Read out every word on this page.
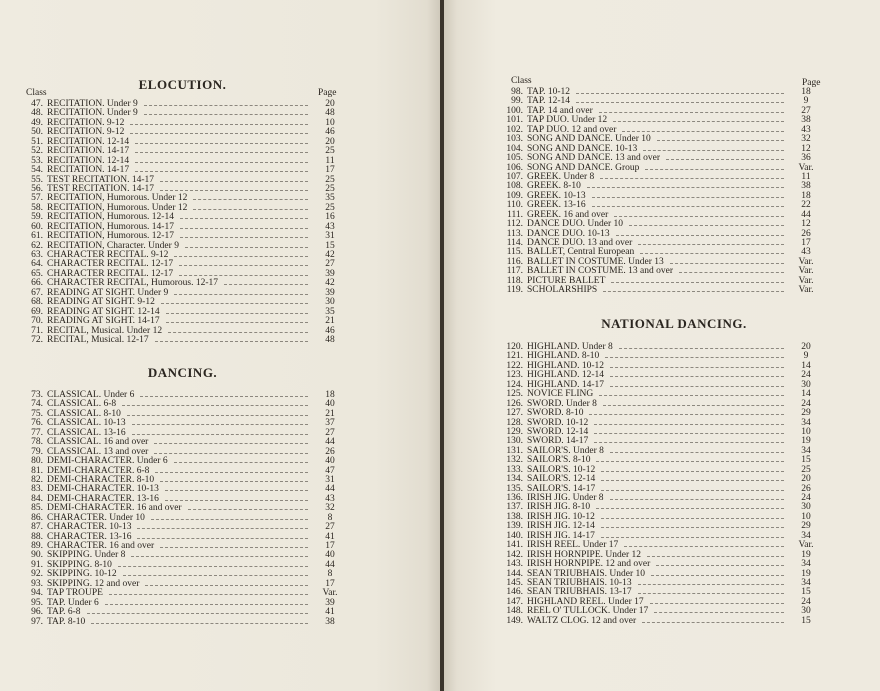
ELOCUTION.
Class	Page
47. RECITATION. Under 9	20
48. RECITATION. Under 9	48
49. RECITATION. 9-12	10
50. RECITATION. 9-12	46
51. RECITATION. 12-14	20
52. RECITATION. 14-17	25
53. RECITATION. 12-14	11
54. RECITATION. 14-17	17
55. TEST RECITATION. 14-17	25
56. TEST RECITATION. 14-17	25
57. RECITATION, Humorous. Under 12	35
58. RECITATION, Humorous. Under 12	25
59. RECITATION, Humorous. 12-14	16
60. RECITATION, Humorous. 14-17	43
61. RECITATION, Humorous. 12-17	31
62. RECITATION, Character. Under 9	15
63. CHARACTER RECITAL. 9-12	42
64. CHARACTER RECITAL. 12-17	27
65. CHARACTER RECITAL. 12-17	39
66. CHARACTER RECITAL, Humorous. 12-17	42
67. READING AT SIGHT. Under 9	39
68. READING AT SIGHT. 9-12	30
69. READING AT SIGHT. 12-14	35
70. READING AT SIGHT. 14-17	21
71. RECITAL, Musical. Under 12	46
72. RECITAL, Musical. 12-17	48
DANCING.
73. CLASSICAL. Under 6	18
74. CLASSICAL. 6-8	40
75. CLASSICAL. 8-10	21
76. CLASSICAL. 10-13	37
77. CLASSICAL. 13-16	27
78. CLASSICAL. 16 and over	44
79. CLASSICAL. 13 and over	26
80. DEMI-CHARACTER. Under 6	40
81. DEMI-CHARACTER. 6-8	47
82. DEMI-CHARACTER. 8-10	31
83. DEMI-CHARACTER. 10-13	44
84. DEMI-CHARACTER. 13-16	43
85. DEMI-CHARACTER. 16 and over	32
86. CHARACTER. Under 10	8
87. CHARACTER. 10-13	27
88. CHARACTER. 13-16	41
89. CHARACTER. 16 and over	17
90. SKIPPING. Under 8	40
91. SKIPPING. 8-10	44
92. SKIPPING. 10-12	8
93. SKIPPING. 12 and over	17
94. TAP TROUPE	Var.
95. TAP. Under 6	39
96. TAP. 6-8	41
97. TAP. 8-10	38
Class	Page
98. TAP. 10-12	18
99. TAP. 12-14	9
100. TAP. 14 and over	27
101. TAP DUO. Under 12	38
102. TAP DUO. 12 and over	43
103. SONG AND DANCE. Under 10	32
104. SONG AND DANCE. 10-13	12
105. SONG AND DANCE. 13 and over	36
106. SONG AND DANCE. Group	Var.
107. GREEK. Under 8	11
108. GREEK. 8-10	38
109. GREEK. 10-13	18
110. GREEK. 13-16	22
111. GREEK. 16 and over	44
112. DANCE DUO. Under 10	12
113. DANCE DUO. 10-13	26
114. DANCE DUO. 13 and over	17
115. BALLET, Central European	43
116. BALLET IN COSTUME. Under 13	Var.
117. BALLET IN COSTUME. 13 and over	Var.
118. PICTURE BALLET	Var.
119. SCHOLARSHIPS	Var.
NATIONAL DANCING.
120. HIGHLAND. Under 8	20
121. HIGHLAND. 8-10	9
122. HIGHLAND. 10-12	14
123. HIGHLAND. 12-14	24
124. HIGHLAND. 14-17	30
125. NOVICE FLING	14
126. SWORD. Under 8	24
127. SWORD. 8-10	29
128. SWORD. 10-12	34
129. SWORD. 12-14	10
130. SWORD. 14-17	19
131. SAILOR'S. Under 8	34
132. SAILOR'S. 8-10	15
133. SAILOR'S. 10-12	25
134. SAILOR'S. 12-14	20
135. SAILOR'S. 14-17	26
136. IRISH JIG. Under 8	24
137. IRISH JIG. 8-10	30
138. IRISH JIG. 10-12	10
139. IRISH JIG. 12-14	29
140. IRISH JIG. 14-17	34
141. IRISH REEL. Under 17	Var.
142. IRISH HORNPIPE. Under 12	19
143. IRISH HORNPIPE. 12 and over	34
144. SEAN TRIUBHAIS. Under 10	19
145. SEAN TRIUBHAIS. 10-13	34
146. SEAN TRIUBHAIS. 13-17	15
147. HIGHLAND REEL. Under 17	24
148. REEL O' TULLOCK. Under 17	30
149. WALTZ CLOG. 12 and over	15
